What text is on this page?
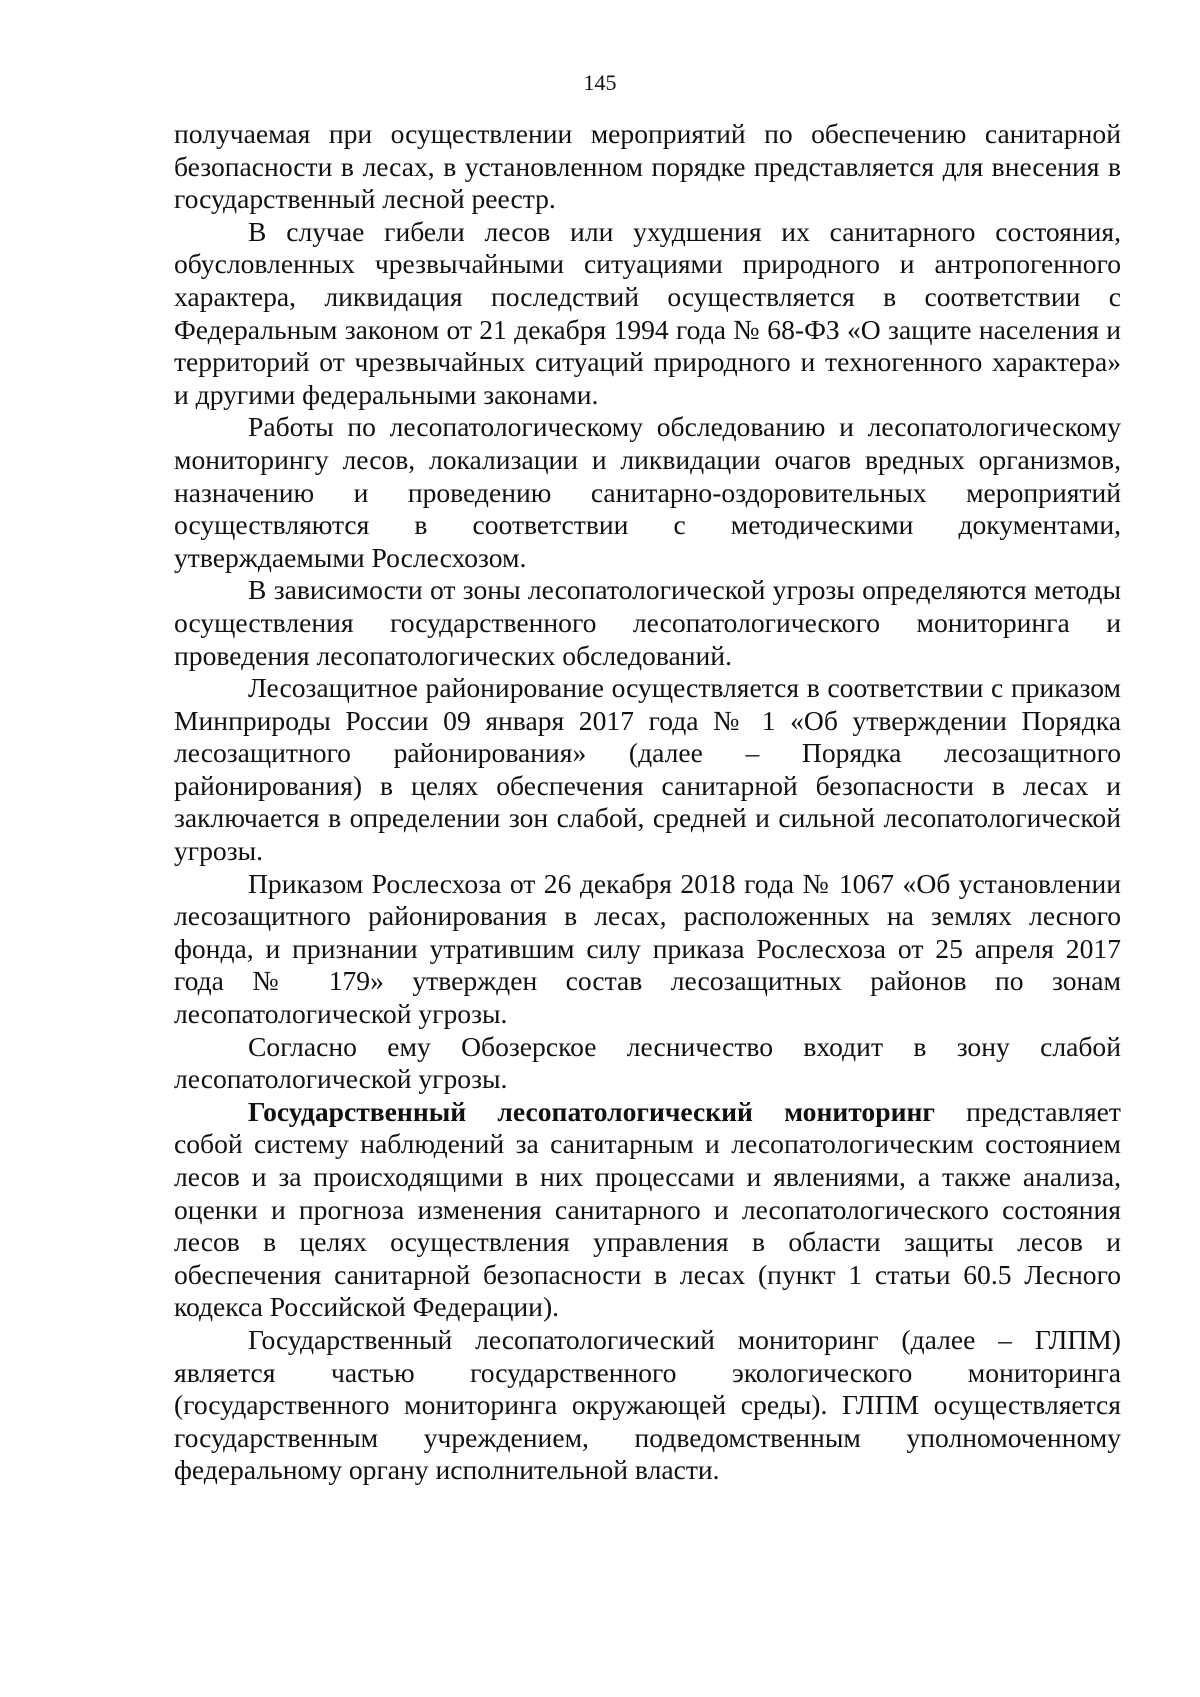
145

получаемая при осуществлении мероприятий по обеспечению санитарной безопасности в лесах, в установленном порядке представляется для внесения в государственный лесной реестр.

В случае гибели лесов или ухудшения их санитарного состояния, обусловленных чрезвычайными ситуациями природного и антропогенного характера, ликвидация последствий осуществляется в соответствии с Федеральным законом от 21 декабря 1994 года № 68-ФЗ «О защите населения и территорий от чрезвычайных ситуаций природного и техногенного характера» и другими федеральными законами.

Работы по лесопатологическому обследованию и лесопатологическому мониторингу лесов, локализации и ликвидации очагов вредных организмов, назначению и проведению санитарно-оздоровительных мероприятий осуществляются в соответствии с методическими документами, утверждаемыми Рослесхозом.

В зависимости от зоны лесопатологической угрозы определяются методы осуществления государственного лесопатологического мониторинга и проведения лесопатологических обследований.

Лесозащитное районирование осуществляется в соответствии с приказом Минприроды России 09 января 2017 года № 1 «Об утверждении Порядка лесозащитного районирования» (далее – Порядка лесозащитного районирования) в целях обеспечения санитарной безопасности в лесах и заключается в определении зон слабой, средней и сильной лесопатологической угрозы.

Приказом Рослесхоза от 26 декабря 2018 года № 1067 «Об установлении лесозащитного районирования в лесах, расположенных на землях лесного фонда, и признании утратившим силу приказа Рослесхоза от 25 апреля 2017 года № 179» утвержден состав лесозащитных районов по зонам лесопатологической угрозы.

Согласно ему Обозерское лесничество входит в зону слабой лесопатологической угрозы.

Государственный лесопатологический мониторинг представляет собой систему наблюдений за санитарным и лесопатологическим состоянием лесов и за происходящими в них процессами и явлениями, а также анализа, оценки и прогноза изменения санитарного и лесопатологического состояния лесов в целях осуществления управления в области защиты лесов и обеспечения санитарной безопасности в лесах (пункт 1 статьи 60.5 Лесного кодекса Российской Федерации).

Государственный лесопатологический мониторинг (далее – ГЛПМ) является частью государственного экологического мониторинга (государственного мониторинга окружающей среды). ГЛПМ осуществляется государственным учреждением, подведомственным уполномоченному федеральному органу исполнительной власти.
